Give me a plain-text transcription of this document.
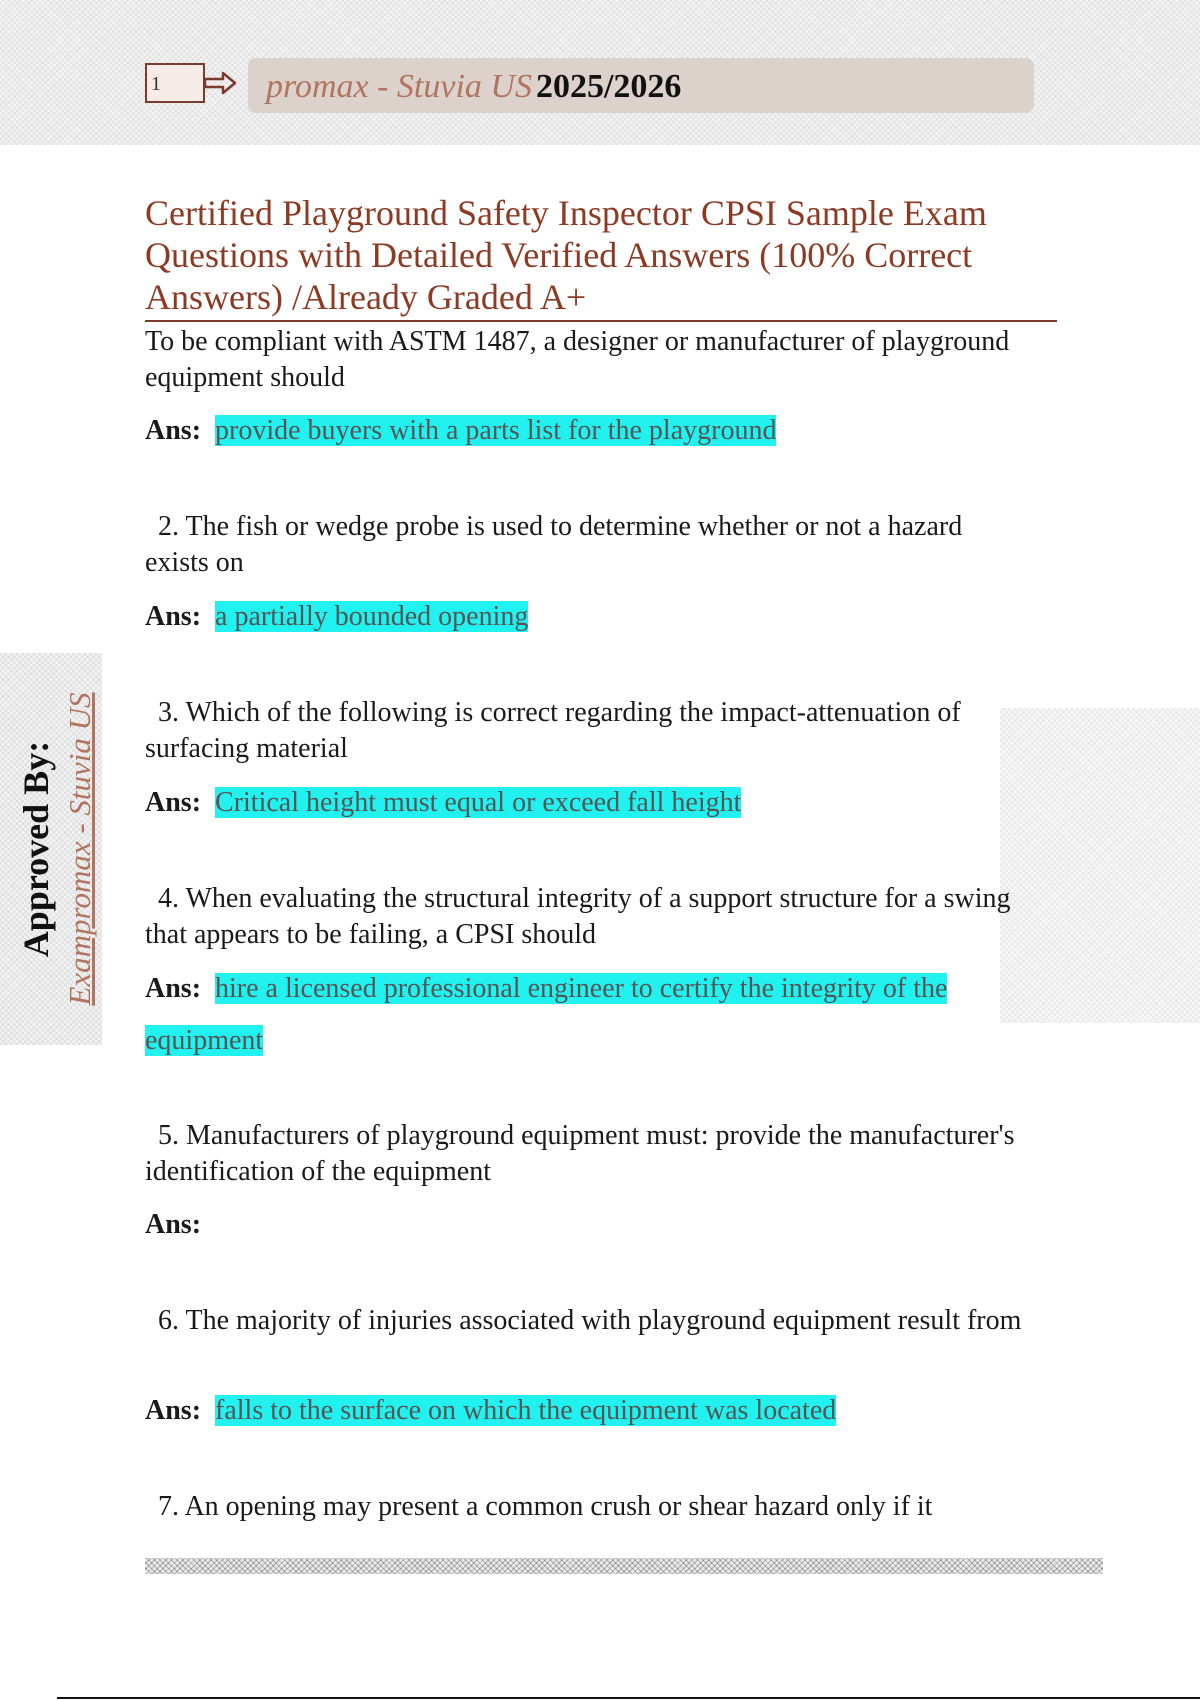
1	promax - Stuvia US 2025/2026
Approved By: Exampromax - Stuvia US
Certified Playground Safety Inspector CPSI Sample Exam Questions with Detailed Verified Answers (100% Correct Answers) /Already Graded A+

To be compliant with ASTM 1487, a designer or manufacturer of playground equipment should

Ans: provide buyers with a parts list for the playground

2. The fish or wedge probe is used to determine whether or not a hazard exists on

Ans: a partially bounded opening

3. Which of the following is correct regarding the impact-attenuation of surfacing material

Ans: Critical height must equal or exceed fall height

4. When evaluating the structural integrity of a support structure for a swing that appears to be failing, a CPSI should

Ans: hire a licensed professional engineer to certify the integrity of the equipment

5. Manufacturers of playground equipment must: provide the manufacturer's identification of the equipment

Ans:

6. The majority of injuries associated with playground equipment result from

Ans: falls to the surface on which the equipment was located

7. An opening may present a common crush or shear hazard only if it
